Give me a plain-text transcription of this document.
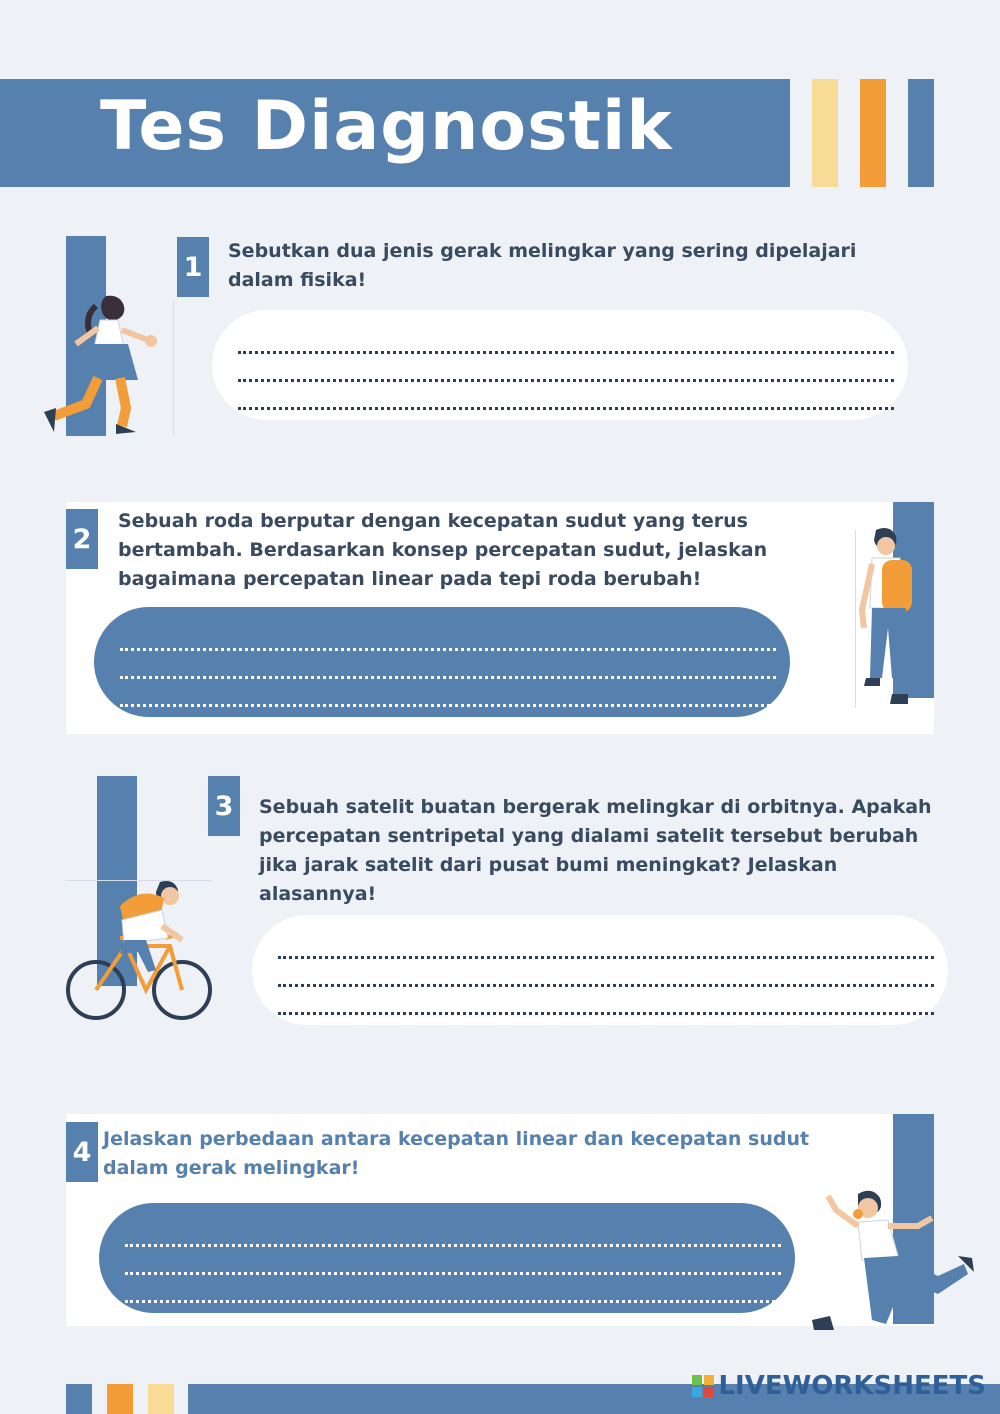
Tes Diagnostik
1

Sebutkan dua jenis gerak melingkar yang sering dipelajari dalam fisika!

2

Sebuah roda berputar dengan kecepatan sudut yang terus bertambah. Berdasarkan konsep percepatan sudut, jelaskan bagaimana percepatan linear pada tepi roda berubah!

3	Sebuah satelit buatan bergerak melingkar di orbitnya. Apakah percepatan sentripetal yang dialami satelit tersebut berubah jika jarak satelit dari pusat bumi meningkat? Jelaskan alasannya!

4 Jelaskan perbedaan antara kecepatan linear dan kecepatan sudut dalam gerak melingkar!

LIVEWORKSHEETS
